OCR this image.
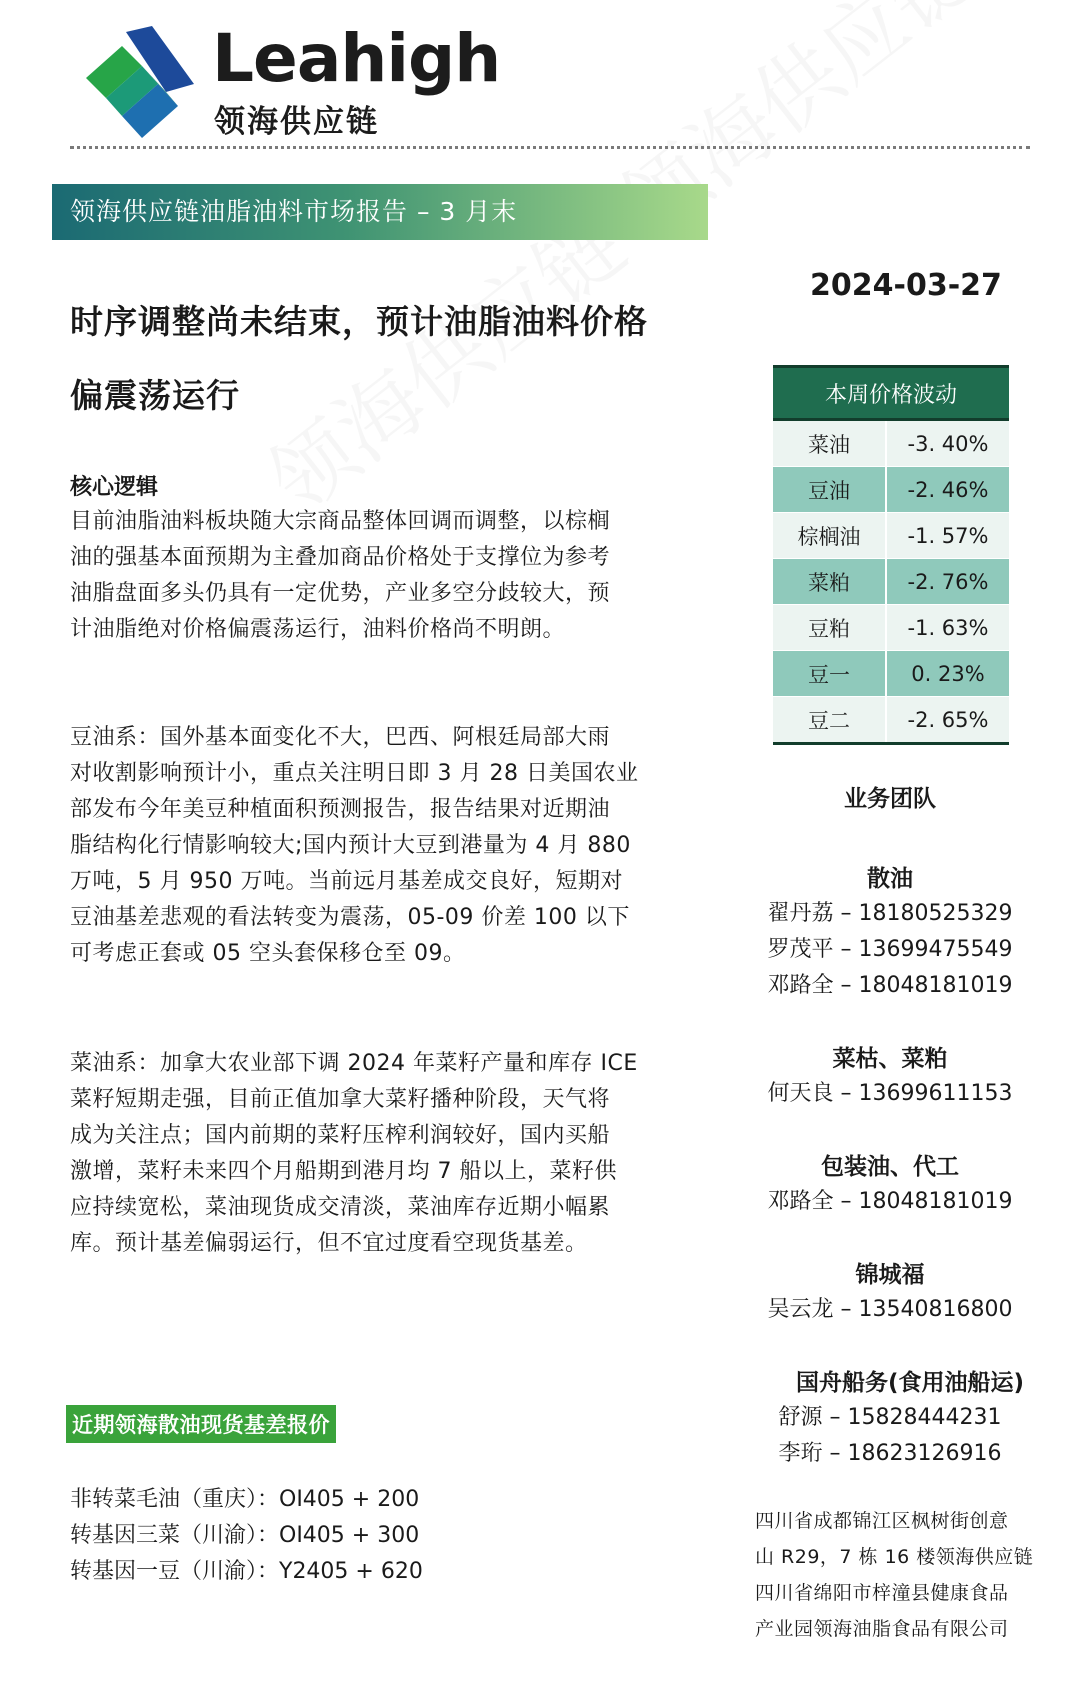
Leahigh
领海供应链
领海供应链油脂油料市场报告 – 3 月末
时序调整尚未结束，预计油脂油料价格
偏震荡运行
2024-03-27
核心逻辑
目前油脂油料板块随大宗商品整体回调而调整，以棕榈
油的强基本面预期为主叠加商品价格处于支撑位为参考
油脂盘面多头仍具有一定优势，产业多空分歧较大，预
计油脂绝对价格偏震荡运行，油料价格尚不明朗。
豆油系：国外基本面变化不大，巴西、阿根廷局部大雨
对收割影响预计小，重点关注明日即 3 月 28 日美国农业
部发布今年美豆种植面积预测报告，报告结果对近期油
脂结构化行情影响较大;国内预计大豆到港量为 4 月 880
万吨，5 月 950 万吨。当前远月基差成交良好，短期对
豆油基差悲观的看法转变为震荡，05-09 价差 100 以下
可考虑正套或 05 空头套保移仓至 09。
菜油系：加拿大农业部下调 2024 年菜籽产量和库存 ICE
菜籽短期走强，目前正值加拿大菜籽播种阶段，天气将
成为关注点；国内前期的菜籽压榨利润较好，国内买船
激增，菜籽未来四个月船期到港月均 7 船以上，菜籽供
应持续宽松，菜油现货成交清淡，菜油库存近期小幅累
库。预计基差偏弱运行，但不宜过度看空现货基差。
本周价格波动	
菜油	-3. 40%
豆油	-2. 46%
棕榈油	-1. 57%
菜粕	-2. 76%
豆粕	-1. 63%
豆一	0. 23%
豆二	-2. 65%
业务团队
散油
翟丹荔 – 18180525329
罗茂平 – 13699475549
邓路全 – 18048181019
菜枯、菜粕
何天良 – 13699611153
包装油、代工
邓路全 – 18048181019
锦城福
吴云龙 – 13540816800
国舟船务(食用油船运)
舒源 – 15828444231
李珩 – 18623126916
近期领海散油现货基差报价
非转菜毛油（重庆）：OI405 + 200
转基因三菜（川渝）：OI405 + 300
转基因一豆（川渝）：Y2405 + 620
四川省成都锦江区枫树街创意
山 R29，7 栋 16 楼领海供应链
四川省绵阳市梓潼县健康食品
产业园领海油脂食品有限公司
